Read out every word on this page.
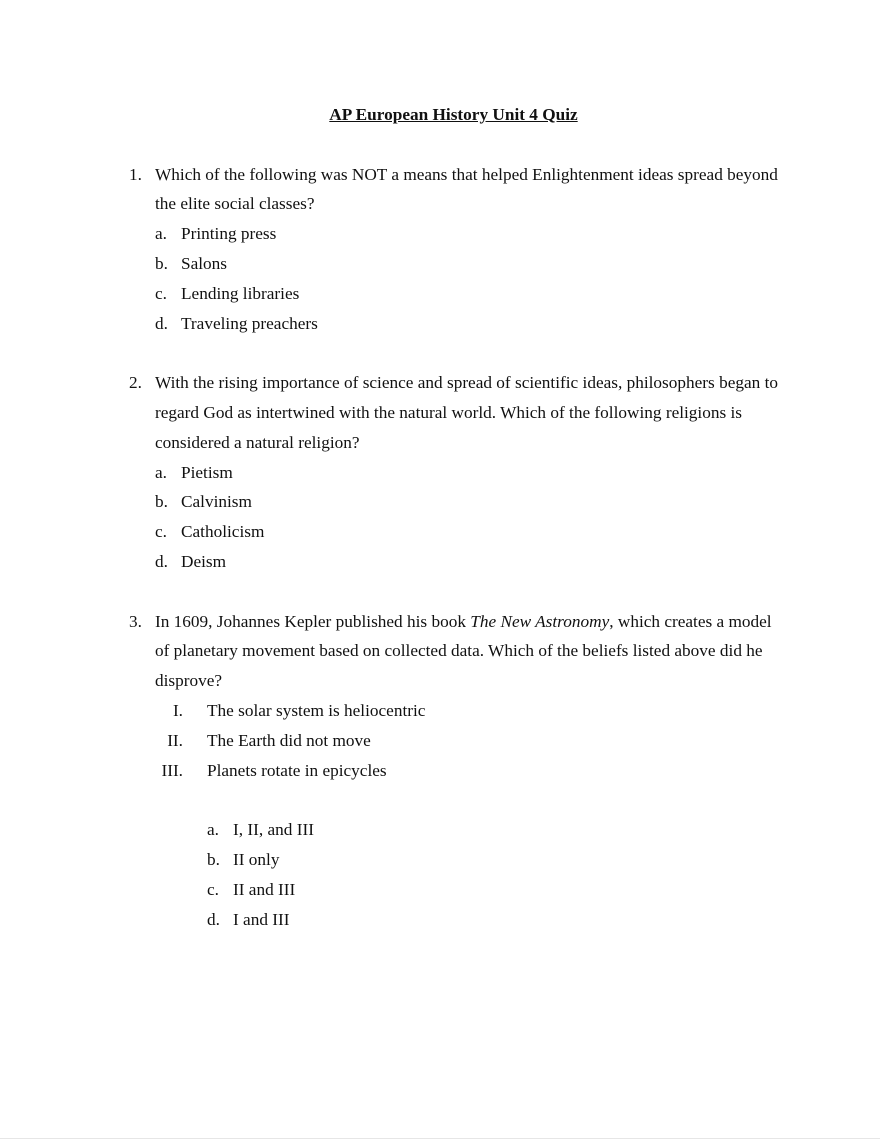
AP European History Unit 4 Quiz
1. Which of the following was NOT a means that helped Enlightenment ideas spread beyond
the elite social classes?
a. Printing press
b. Salons
c. Lending libraries
d. Traveling preachers
2. With the rising importance of science and spread of scientific ideas, philosophers began to
regard God as intertwined with the natural world. Which of the following religions is
considered a natural religion?
a. Pietism
b. Calvinism
c. Catholicism
d. Deism
3. In 1609, Johannes Kepler published his book The New Astronomy, which creates a model
of planetary movement based on collected data. Which of the beliefs listed above did he
disprove?
I. The solar system is heliocentric
II. The Earth did not move
III. Planets rotate in epicycles
a. I, II, and III
b. II only
c. II and III
d. I and III
